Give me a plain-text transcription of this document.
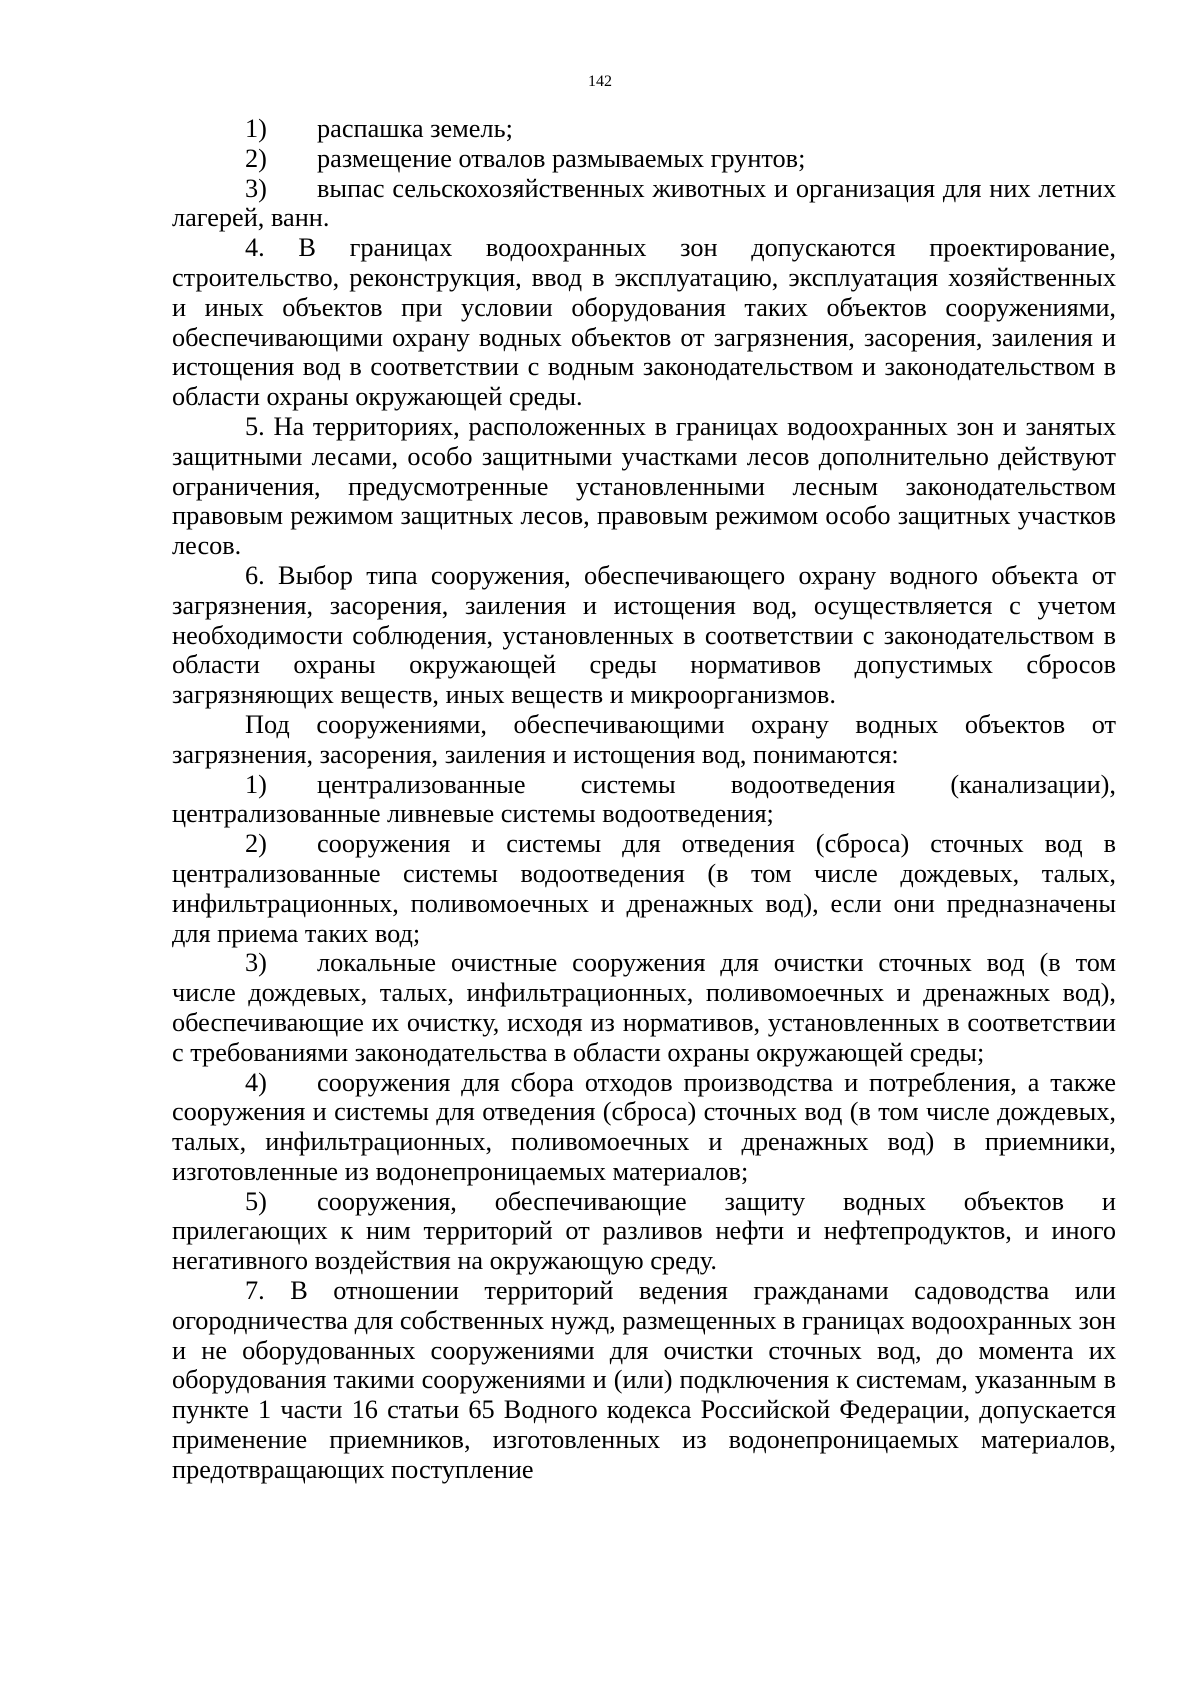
142

1) распашка земель;

2) размещение отвалов размываемых грунтов;

3) выпас сельскохозяйственных животных и организация для них летних лагерей, ванн.

4. В границах водоохранных зон допускаются проектирование, строительство, реконструкция, ввод в эксплуатацию, эксплуатация хозяйственных и иных объектов при условии оборудования таких объектов сооружениями, обеспечивающими охрану водных объектов от загрязнения, засорения, заиления и истощения вод в соответствии с водным законодательством и законодательством в области охраны окружающей среды.

5. На территориях, расположенных в границах водоохранных зон и занятых защитными лесами, особо защитными участками лесов дополнительно действуют ограничения, предусмотренные установленными лесным законодательством правовым режимом защитных лесов, правовым режимом особо защитных участков лесов.

6. Выбор типа сооружения, обеспечивающего охрану водного объекта от загрязнения, засорения, заиления и истощения вод, осуществляется с учетом необходимости соблюдения, установленных в соответствии с законодательством в области охраны окружающей среды нормативов допустимых сбросов загрязняющих веществ, иных веществ и микроорганизмов.

Под сооружениями, обеспечивающими охрану водных объектов от загрязнения, засорения, заиления и истощения вод, понимаются:

1) централизованные системы водоотведения (канализации), централизованные ливневые системы водоотведения;

2) сооружения и системы для отведения (сброса) сточных вод в централизованные системы водоотведения (в том числе дождевых, талых, инфильтрационных, поливомоечных и дренажных вод), если они предназначены для приема таких вод;

3) локальные очистные сооружения для очистки сточных вод (в том числе дождевых, талых, инфильтрационных, поливомоечных и дренажных вод), обеспечивающие их очистку, исходя из нормативов, установленных в соответствии с требованиями законодательства в области охраны окружающей среды;

4) сооружения для сбора отходов производства и потребления, а также сооружения и системы для отведения (сброса) сточных вод (в том числе дождевых, талых, инфильтрационных, поливомоечных и дренажных вод) в приемники, изготовленные из водонепроницаемых материалов;

5) сооружения, обеспечивающие защиту водных объектов и прилегающих к ним территорий от разливов нефти и нефтепродуктов, и иного негативного воздействия на окружающую среду.

7. В отношении территорий ведения гражданами садоводства или огородничества для собственных нужд, размещенных в границах водоохранных зон и не оборудованных сооружениями для очистки сточных вод, до момента их оборудования такими сооружениями и (или) подключения к системам, указанным в пункте 1 части 16 статьи 65 Водного кодекса Российской Федерации, допускается применение приемников, изготовленных из водонепроницаемых материалов, предотвращающих поступление
